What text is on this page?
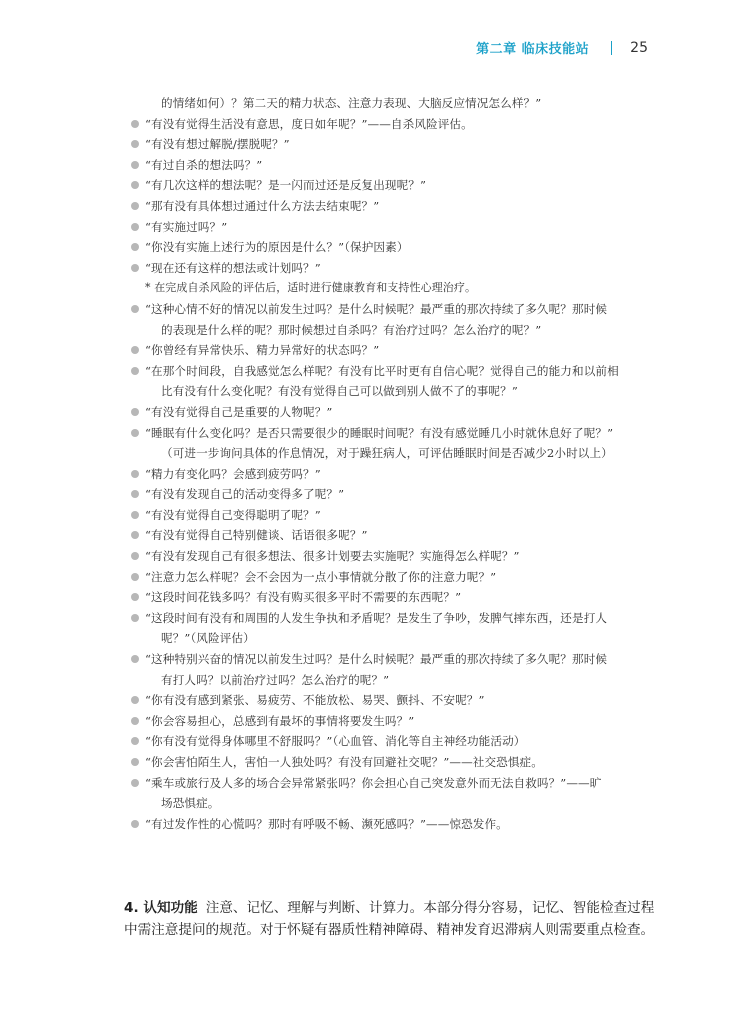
第二章 临床技能站	25
的情绪如何）？第二天的精力状态、注意力表现、大脑反应情况怎么样？”
“有没有觉得生活没有意思，度日如年呢？”——自杀风险评估。
“有没有想过解脱/摆脱呢？”
“有过自杀的想法吗？”
“有几次这样的想法呢？是一闪而过还是反复出现呢？”
“那有没有具体想过通过什么方法去结束呢？”
“有实施过吗？”
“你没有实施上述行为的原因是什么？”（保护因素）
“现在还有这样的想法或计划吗？”
* 在完成自杀风险的评估后，适时进行健康教育和支持性心理治疗。
“这种心情不好的情况以前发生过吗？是什么时候呢？最严重的那次持续了多久呢？那时候
的表现是什么样的呢？那时候想过自杀吗？有治疗过吗？怎么治疗的呢？”
“你曾经有异常快乐、精力异常好的状态吗？”
“在那个时间段，自我感觉怎么样呢？有没有比平时更有自信心呢？觉得自己的能力和以前相
比有没有什么变化呢？有没有觉得自己可以做到别人做不了的事呢？”
“有没有觉得自己是重要的人物呢？”
“睡眠有什么变化吗？是否只需要很少的睡眠时间呢？有没有感觉睡几小时就休息好了呢？”
（可进一步询问具体的作息情况，对于躁狂病人，可评估睡眠时间是否减少2小时以上）
“精力有变化吗？会感到疲劳吗？”
“有没有发现自己的活动变得多了呢？”
“有没有觉得自己变得聪明了呢？”
“有没有觉得自己特别健谈、话语很多呢？”
“有没有发现自己有很多想法、很多计划要去实施呢？实施得怎么样呢？”
“注意力怎么样呢？会不会因为一点小事情就分散了你的注意力呢？”
“这段时间花钱多吗？有没有购买很多平时不需要的东西呢？”
“这段时间有没有和周围的人发生争执和矛盾呢？是发生了争吵，发脾气摔东西，还是打人
呢？”（风险评估）
“这种特别兴奋的情况以前发生过吗？是什么时候呢？最严重的那次持续了多久呢？那时候
有打人吗？以前治疗过吗？怎么治疗的呢？”
“你有没有感到紧张、易疲劳、不能放松、易哭、颤抖、不安呢？”
“你会容易担心，总感到有最坏的事情将要发生吗？”
“你有没有觉得身体哪里不舒服吗？”（心血管、消化等自主神经功能活动）
“你会害怕陌生人，害怕一人独处吗？有没有回避社交呢？”——社交恐惧症。
“乘车或旅行及人多的场合会异常紧张吗？你会担心自己突发意外而无法自救吗？”——旷
场恐惧症。
“有过发作性的心慌吗？那时有呼吸不畅、濒死感吗？”——惊恐发作。
4. 认知功能 注意、记忆、理解与判断、计算力。本部分得分容易，记忆、智能检查过程
中需注意提问的规范。对于怀疑有器质性精神障碍、精神发育迟滞病人则需要重点检查。
